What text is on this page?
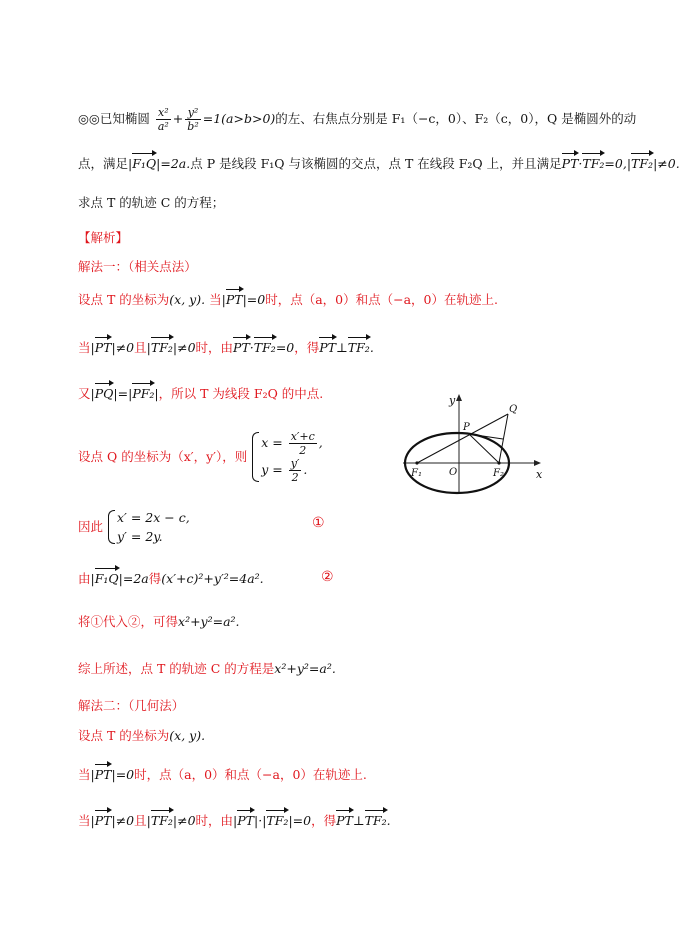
◎◎已知椭圆 $\frac{\text{x²}}{\text{a²}} + \frac{\text{y²}}{\text{b²}} =1(a>b>0)$的左、右焦点分别是 F₁（−c，0）、F₂（c，0），Q 是椭圆外的动
点，满足|F₁Q|=2a.点 P 是线段 F₁Q 与该椭圆的交点，点 T 在线段 F₂Q 上，并且满足PT·TF₂=0,|TF₂|≠0.
求点 T 的轨迹 C 的方程；
【解析】
解法一：（相关点法）
设点 T 的坐标为(x, y). 当|PT|=0时，点（a，0）和点（−a，0）在轨迹上.
当|PT|≠0且|TF₂|≠0时，由PT·TF₂=0，得PT⊥TF₂.
又|PQ|=|PF₂|，所以 T 为线段 F₂Q 的中点.
设点 Q 的坐标为（x′，y′），则
$x = \frac{x'+c}{2}$ ,
$y = \frac{y'}{2}$ .
因此
x′ = 2x − c,
y′ = 2y.
①
由|F₁Q|=2a得(x′+c)²+y′²=4a².	②
将①代入②，可得x²+y²=a².
综上所述，点 T 的轨迹 C 的方程是x²+y²=a².
解法二：（几何法）
设点 T 的坐标为(x, y).
当|PT|=0时，点（a，0）和点（−a，0）在轨迹上.
当|PT|≠0且|TF₂|≠0时，由|PT|·|TF₂|=0，得PT⊥TF₂.
y
x
P
Q
O
F₁	F₂
